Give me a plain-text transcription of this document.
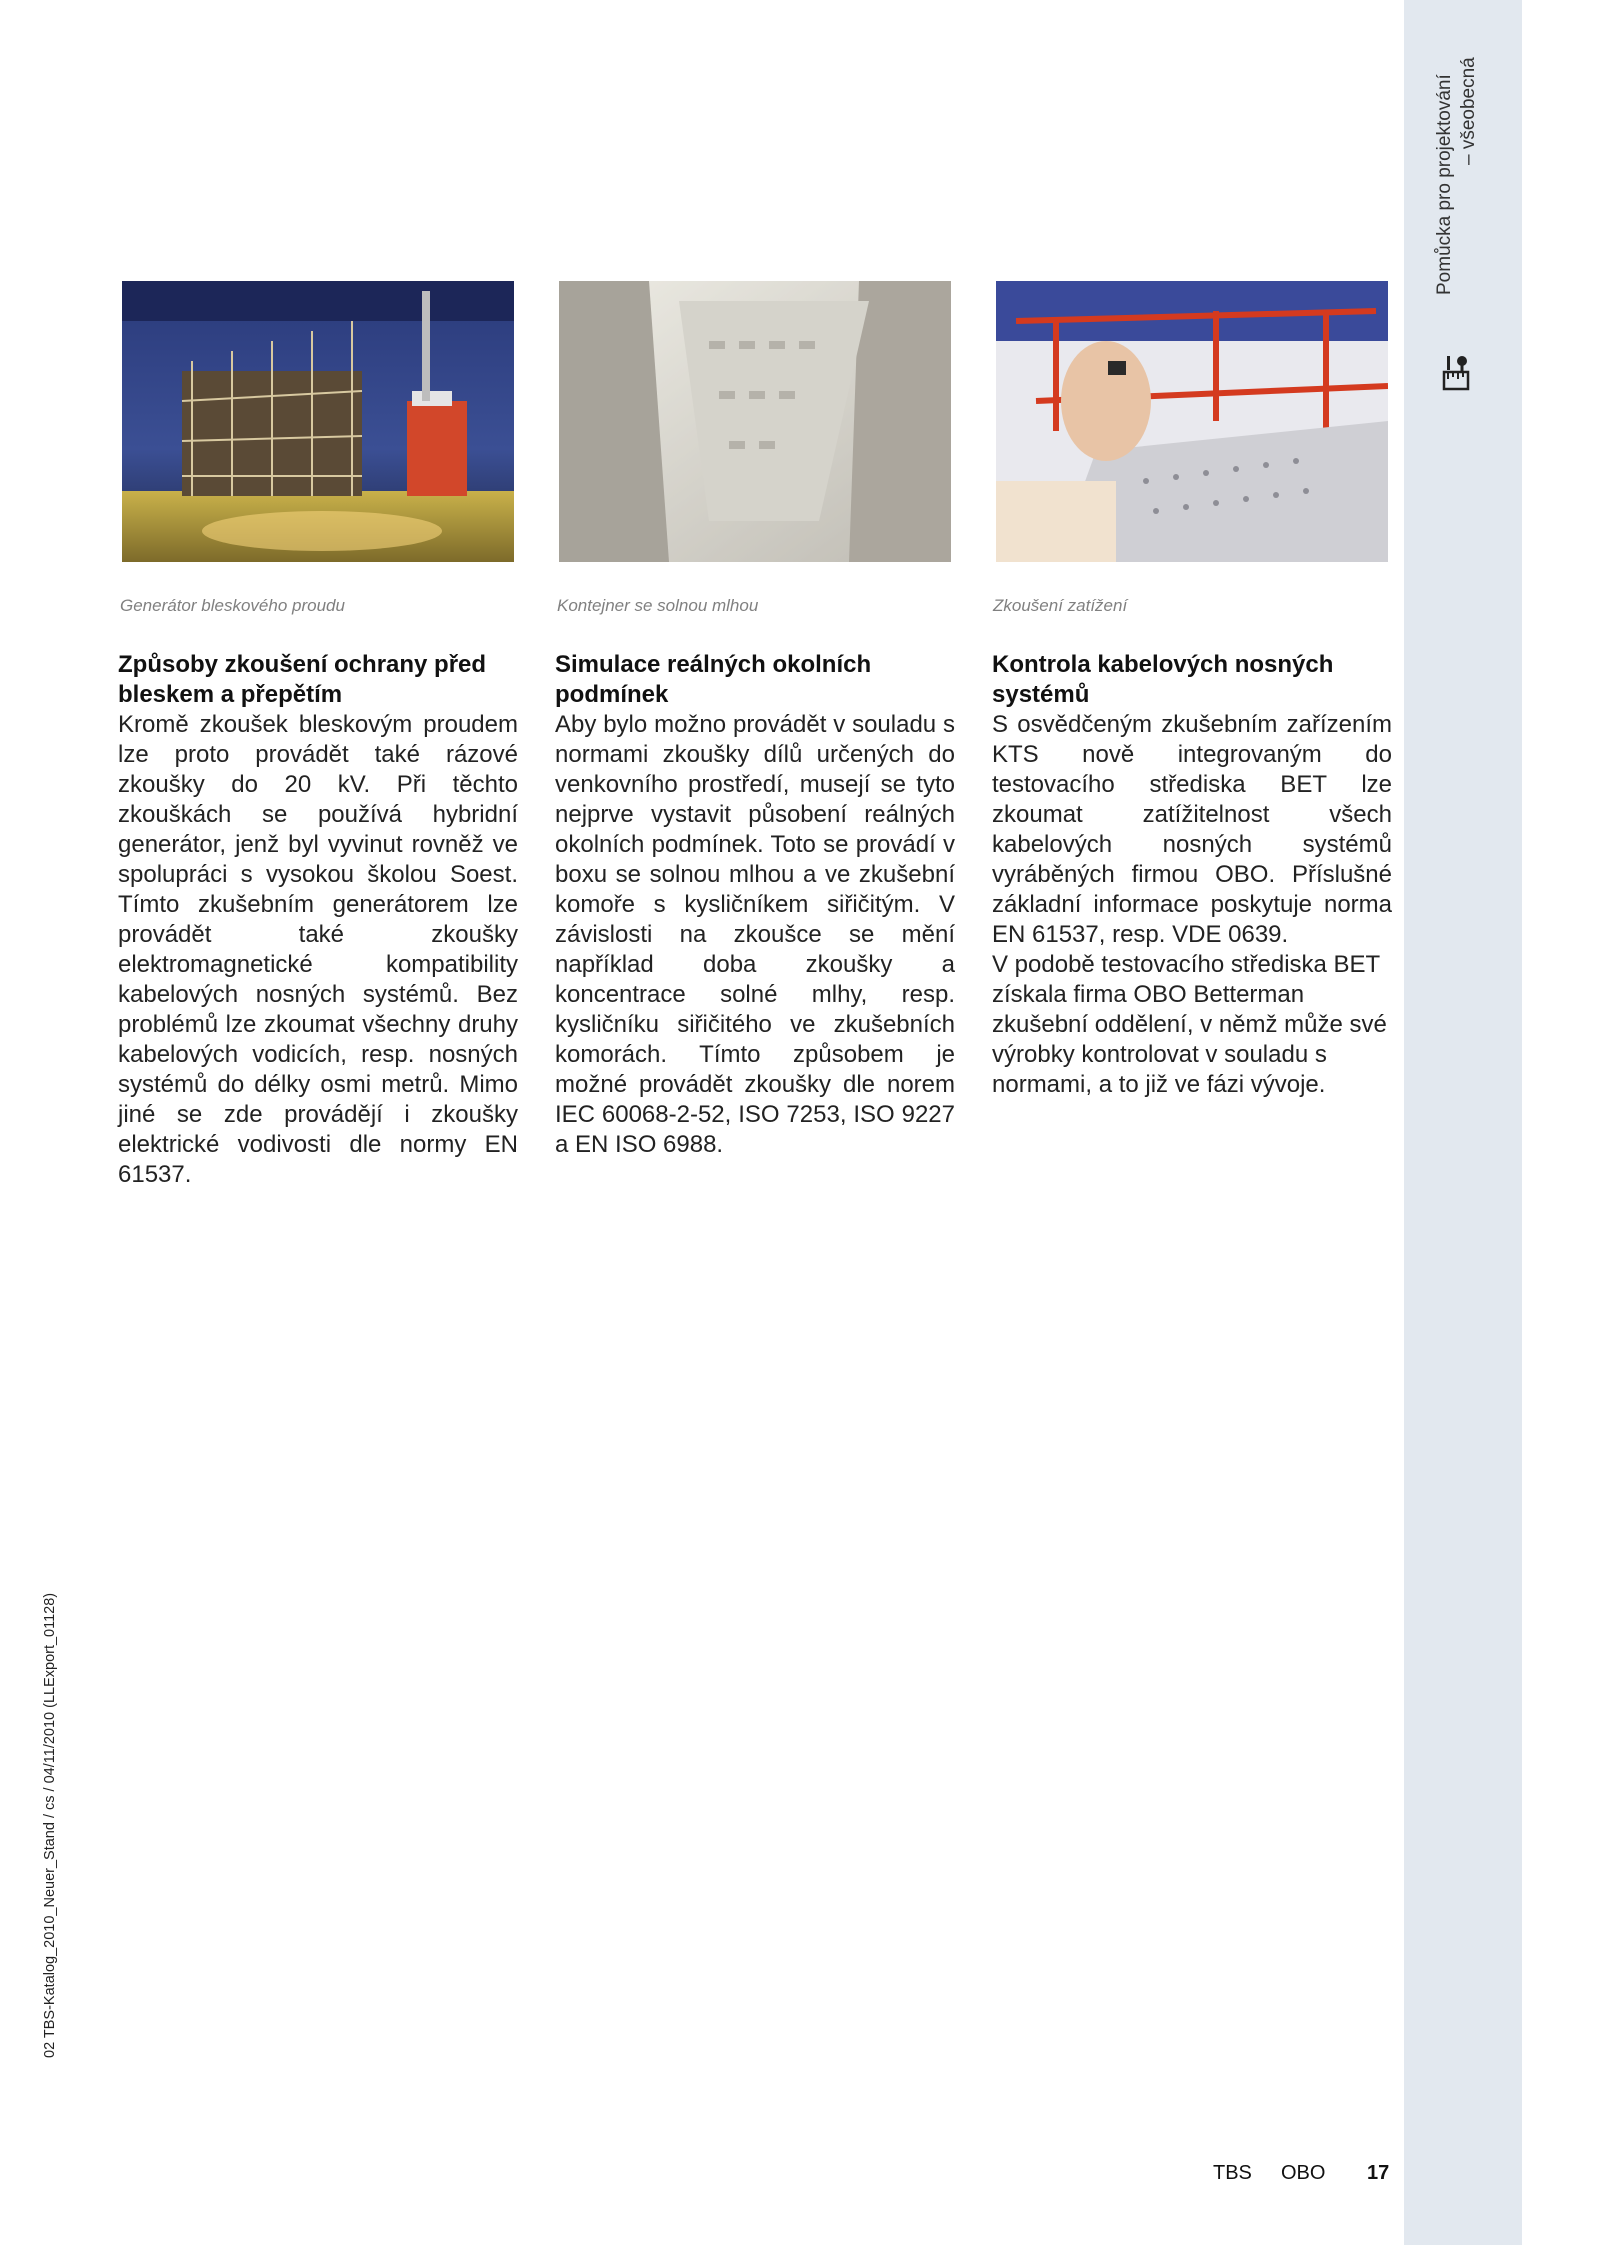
Pomůcka pro projektování – všeobecná
Generátor bleskového proudu	Kontejner se solnou mlhou	Zkoušení zatížení
Způsoby zkoušení ochrany před bleskem a přepětím

Kromě zkoušek bleskovým proudem lze proto provádět také rázové zkoušky do 20 kV. Při těchto zkouškách se používá hybridní generátor, jenž byl vyvinut rovněž ve spolupráci s vysokou školou Soest. Tímto zkušebním generátorem lze provádět také zkoušky elektromagnetické kompatibility kabelových nosných systémů. Bez problémů lze zkoumat všechny druhy kabelových vodicích, resp. nosných systémů do délky osmi metrů. Mimo jiné se zde provádějí i zkoušky elektrické vodivosti dle normy EN 61537.

Simulace reálných okolních podmínek

Aby bylo možno provádět v souladu s normami zkoušky dílů určených do venkovního prostředí, musejí se tyto nejprve vystavit působení reálných okolních podmínek. Toto se provádí v boxu se solnou mlhou a ve zkušební komoře s kysličníkem siřičitým. V závislosti na zkoušce se mění například doba zkoušky a koncentrace solné mlhy, resp. kysličníku siřičitého ve zkušebních komorách. Tímto způsobem je možné provádět zkoušky dle norem IEC 60068-2-52, ISO 7253, ISO 9227 a EN ISO 6988.

Kontrola kabelových nosných systémů

S osvědčeným zkušebním zařízením KTS nově integrovaným do testovacího střediska BET lze zkoumat zatížitelnost všech kabelových nosných systémů vyráběných firmou OBO. Příslušné základní informace poskytuje norma EN 61537, resp. VDE 0639.

V podobě testovacího střediska BET získala firma OBO Betterman zkušební oddělení, v němž může své výrobky kontrolovat v souladu s normami, a to již ve fázi vývoje.

02 TBS-Katalog_2010_Neuer_Stand / cs / 04/11/2010 (LLExport_01128)
TBS OBO 17
